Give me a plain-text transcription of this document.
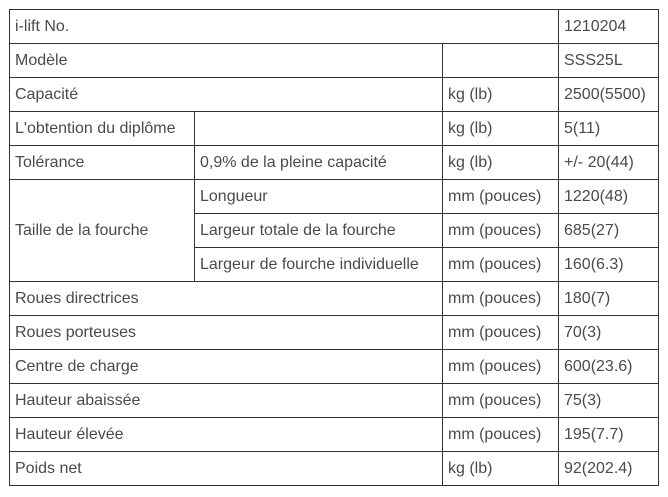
i-lift No.			1210204
Modèle			SSS25L
Capacité		kg (lb)	2500(5500)
L'obtention du diplôme		kg (lb)	5(11)
Tolérance	0,9% de la pleine capacité	kg (lb)	+/- 20(44)
Taille de la fourche	Longueur	mm (pouces)	1220(48)
	Largeur totale de la fourche	mm (pouces)	685(27)
	Largeur de fourche individuelle	mm (pouces)	160(6.3)
Roues directrices		mm (pouces)	180(7)
Roues porteuses		mm (pouces)	70(3)
Centre de charge		mm (pouces)	600(23.6)
Hauteur abaissée		mm (pouces)	75(3)
Hauteur élevée		mm (pouces)	195(7.7)
Poids net		kg (lb)	92(202.4)
